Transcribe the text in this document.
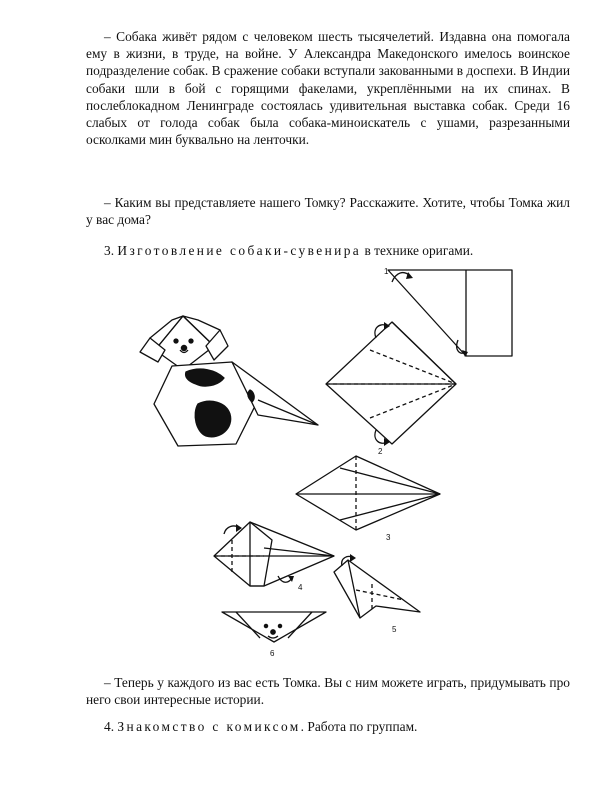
– Собака живёт рядом с человеком шесть тысячелетий. Издавна она помогала ему в жизни, в труде, на войне. У Александра Македонского имелось воинское подразделение собак. В сражение собаки вступали закованными в доспехи. В Индии собаки шли в бой с горящими факелами, укреплёнными на их спинах. В послеблокадном Ленинграде состоялась удивительная выставка собак. Среди 16 слабых от голода собак была собака-миноискатель с ушами, разрезанными осколками мин буквально на ленточки.

– Каким вы представляете нашего Томку? Расскажите. Хотите, чтобы Томка жил у вас дома?

3. Изготовление собаки-сувенира в технике оригами.

1
2
3
4
5
6

– Теперь у каждого из вас есть Томка. Вы с ним можете играть, придумывать про него свои интересные истории.

4. Знакомство с комиксом. Работа по группам.
